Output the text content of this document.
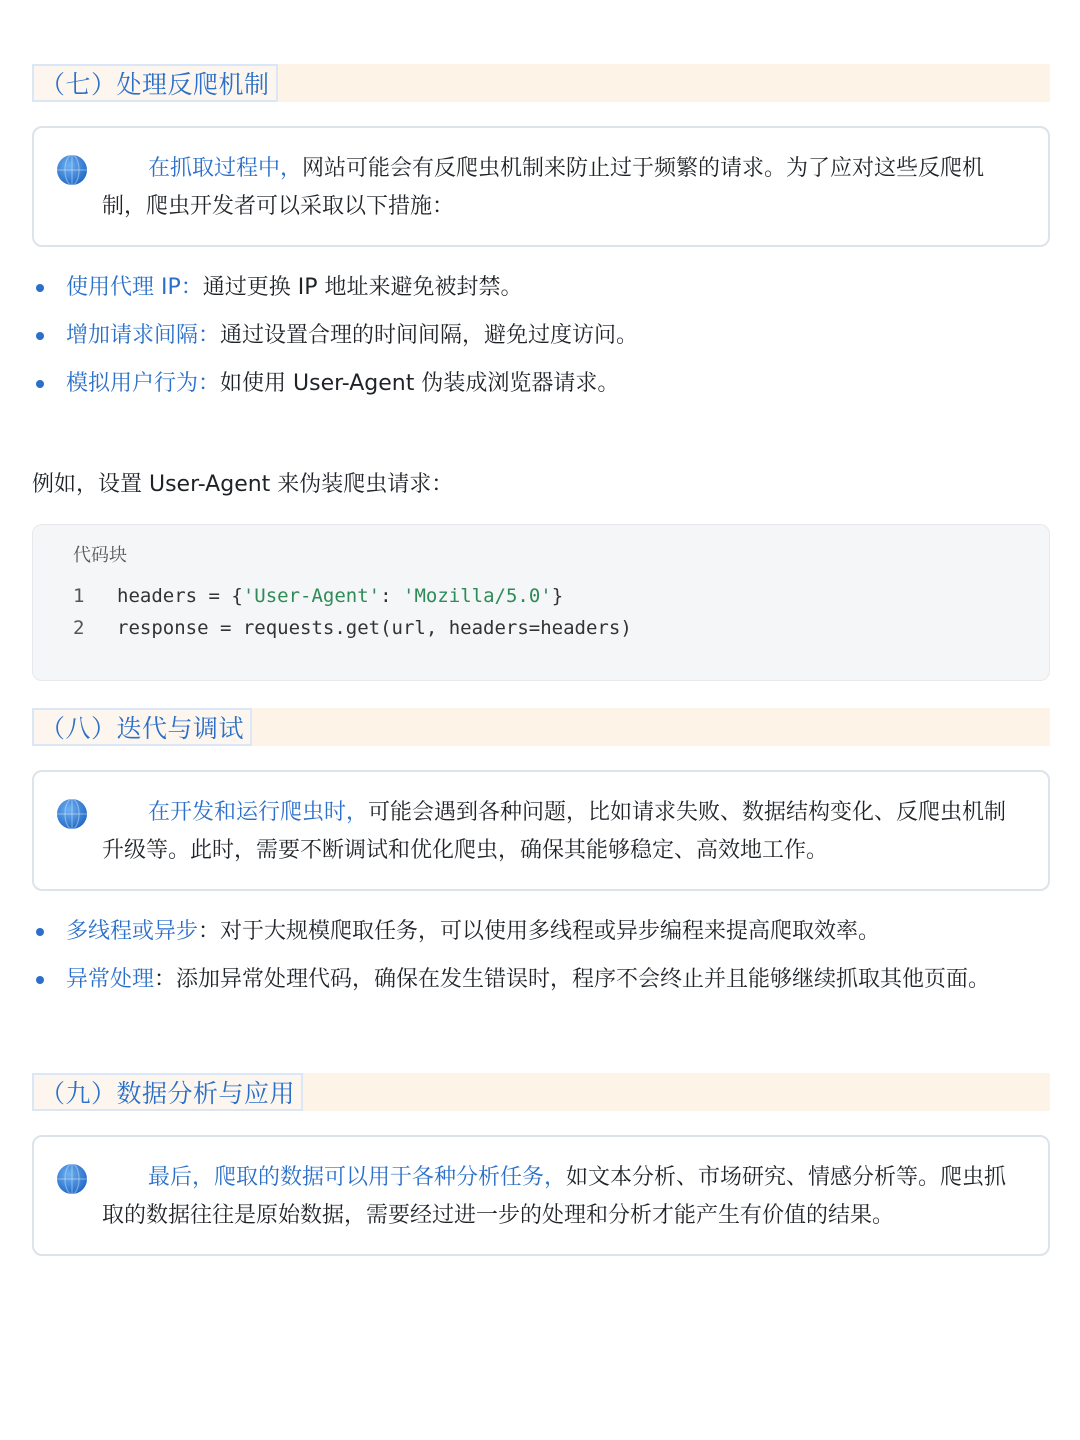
（七）处理反爬机制
在抓取过程中，网站可能会有反爬虫机制来防止过于频繁的请求。为了应对这些反爬机制，爬虫开发者可以采取以下措施：
使用代理 IP：通过更换 IP 地址来避免被封禁。
增加请求间隔：通过设置合理的时间间隔，避免过度访问。
模拟用户行为：如使用 User-Agent 伪装成浏览器请求。
例如，设置 User-Agent 来伪装爬虫请求：
代码块
1 headers = {'User-Agent': 'Mozilla/5.0'}
2 response = requests.get(url, headers=headers)
（八）迭代与调试
在开发和运行爬虫时，可能会遇到各种问题，比如请求失败、数据结构变化、反爬虫机制升级等。此时，需要不断调试和优化爬虫，确保其能够稳定、高效地工作。
多线程或异步：对于大规模爬取任务，可以使用多线程或异步编程来提高爬取效率。
异常处理：添加异常处理代码，确保在发生错误时，程序不会终止并且能够继续抓取其他页面。
（九）数据分析与应用
最后，爬取的数据可以用于各种分析任务，如文本分析、市场研究、情感分析等。爬虫抓取的数据往往是原始数据，需要经过进一步的处理和分析才能产生有价值的结果。
